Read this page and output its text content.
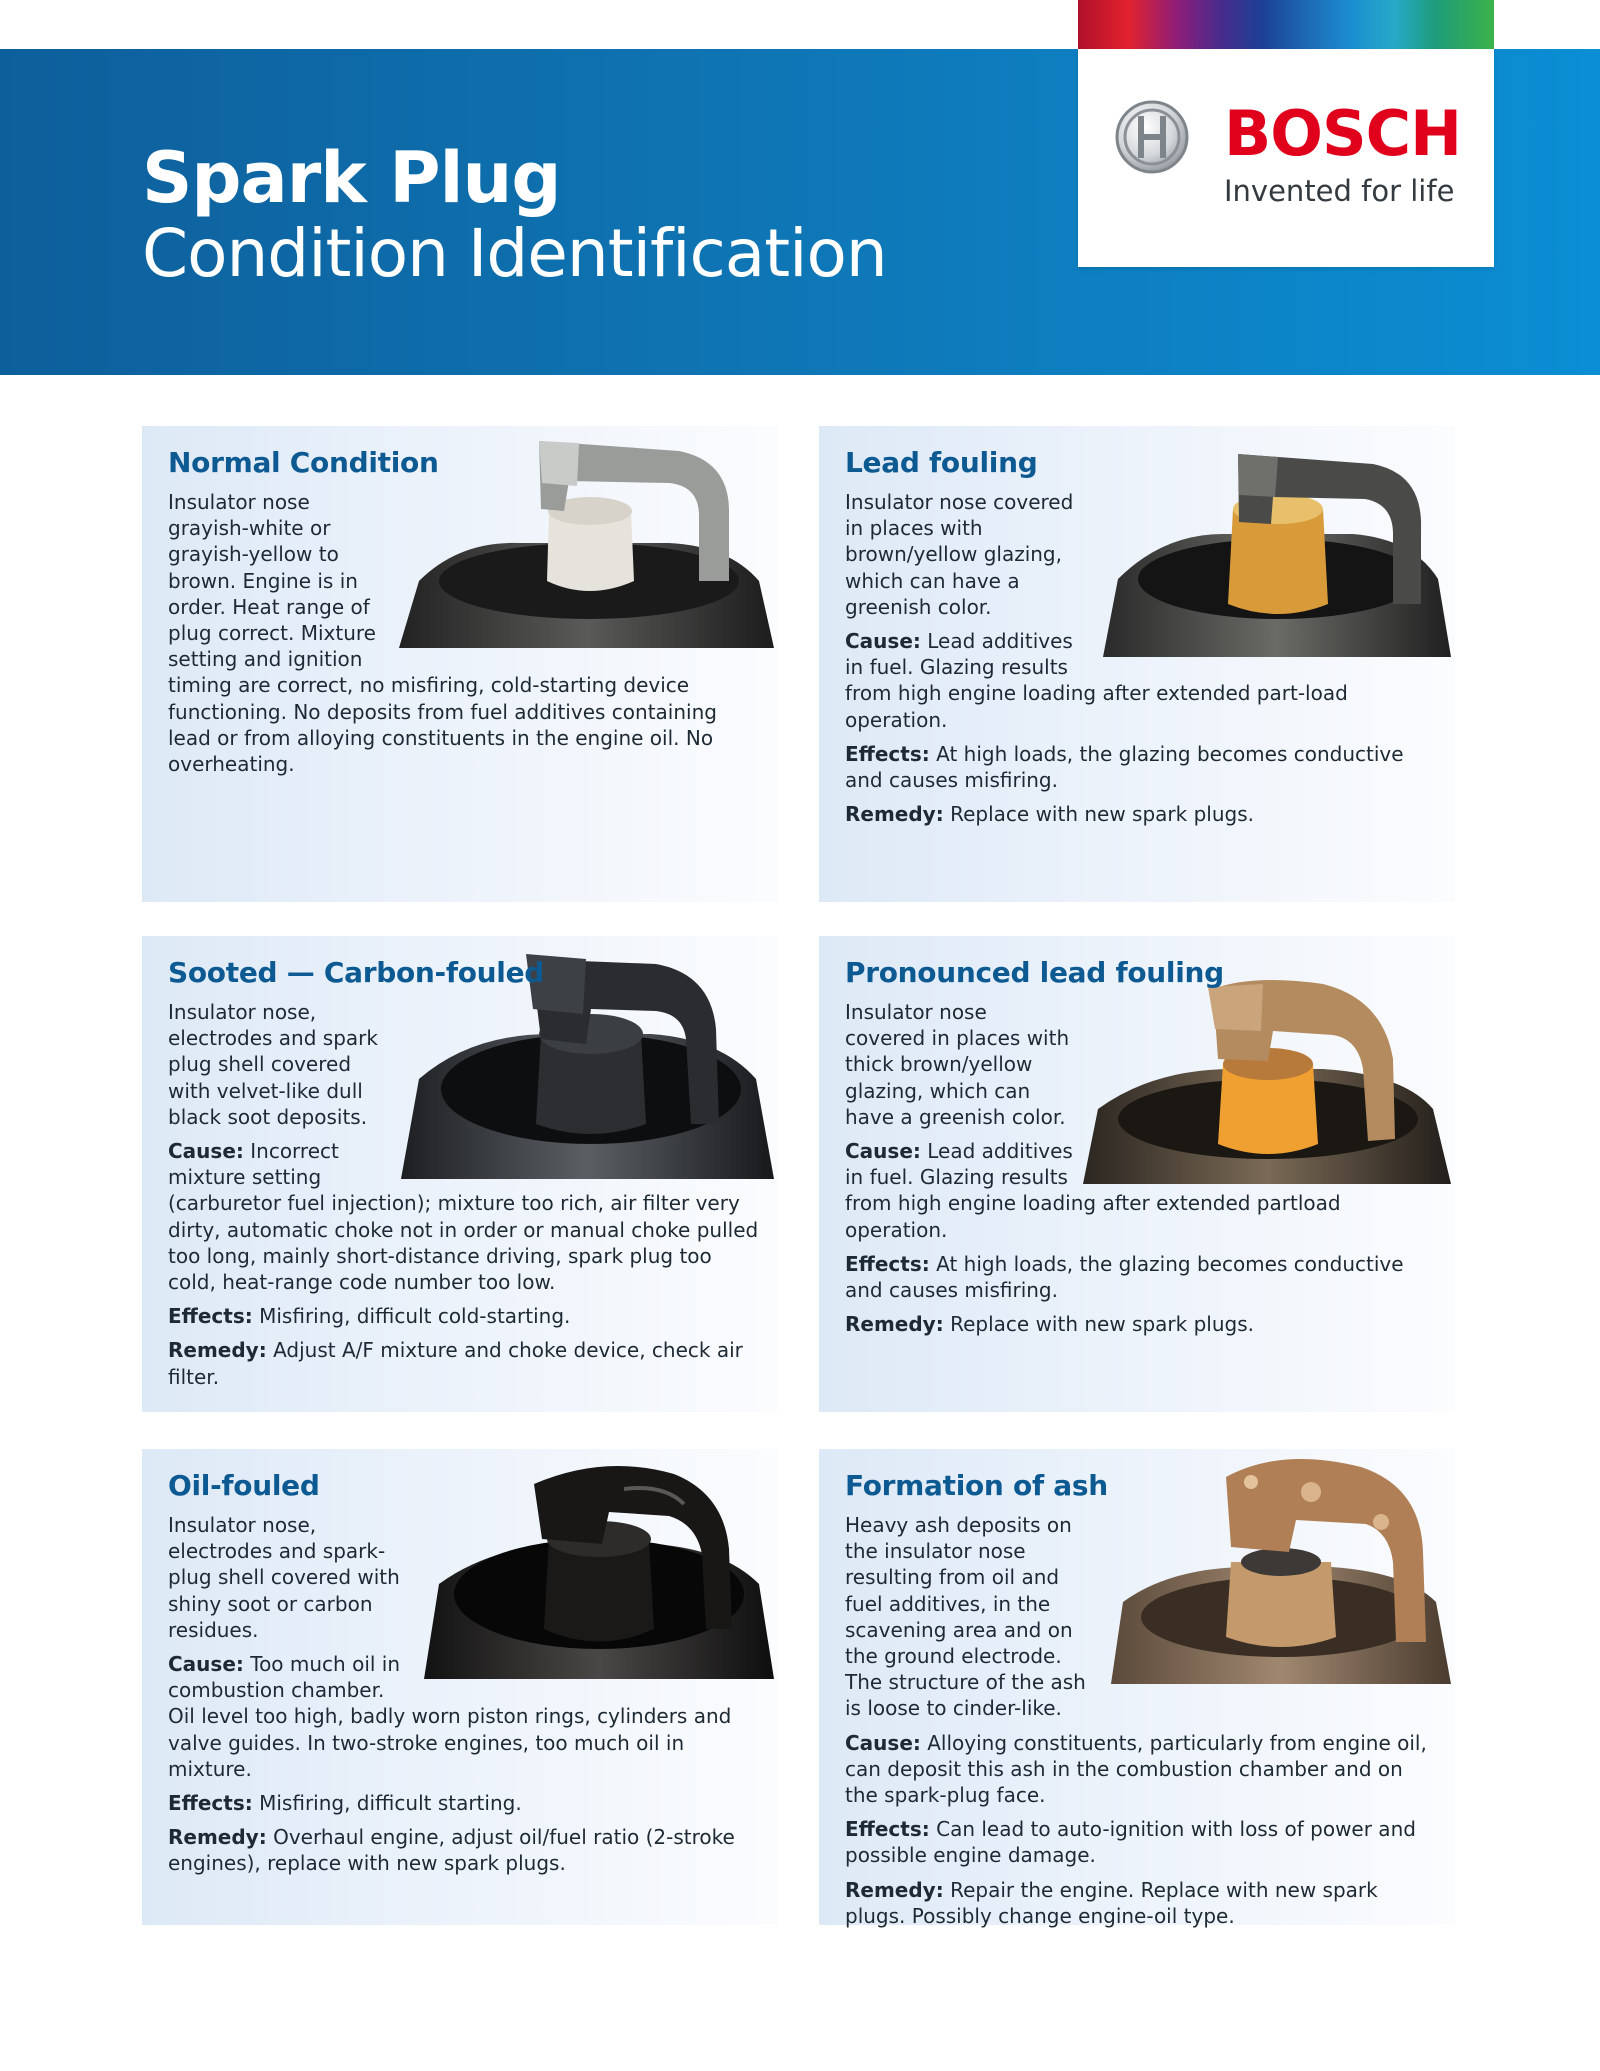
Spark Plug
Condition Identification
BOSCH
Invented for life
Normal Condition

Insulator nose grayish-white or grayish-yellow to brown. Engine is in order. Heat range of plug correct. Mixture setting and ignition timing are correct, no misfiring, cold-starting device functioning. No deposits from fuel additives containing lead or from alloying constituents in the engine oil. No overheating.

Lead fouling

Insulator nose covered in places with brown/yellow glazing, which can have a greenish color.

Cause: Lead additives in fuel. Glazing results from high engine loading after extended part-load operation.

Effects: At high loads, the glazing becomes conductive and causes misfiring.

Remedy: Replace with new spark plugs.

Sooted — Carbon-fouled

Insulator nose, electrodes and spark plug shell covered with velvet-like dull black soot deposits.

Cause: Incorrect mixture setting (carburetor fuel injection); mixture too rich, air filter very dirty, automatic choke not in order or manual choke pulled too long, mainly short-distance driving, spark plug too cold, heat-range code number too low.

Effects: Misfiring, difficult cold-starting.

Remedy: Adjust A/F mixture and choke device, check air filter.

Pronounced lead fouling

Insulator nose covered in places with thick brown/yellow glazing, which can have a greenish color.

Cause: Lead additives in fuel. Glazing results from high engine loading after extended partload operation.

Effects: At high loads, the glazing becomes conductive and causes misfiring.

Remedy: Replace with new spark plugs.

Oil-fouled

Insulator nose, electrodes and spark-plug shell covered with shiny soot or carbon residues.

Cause: Too much oil in combustion chamber. Oil level too high, badly worn piston rings, cylinders and valve guides. In two-stroke engines, too much oil in mixture.

Effects: Misfiring, difficult starting.

Remedy: Overhaul engine, adjust oil/fuel ratio (2-stroke engines), replace with new spark plugs.

Formation of ash

Heavy ash deposits on the insulator nose resulting from oil and fuel additives, in the scavening area and on the ground electrode. The structure of the ash is loose to cinder-like.

Cause: Alloying constituents, particularly from engine oil, can deposit this ash in the combustion chamber and on the spark-plug face.

Effects: Can lead to auto-ignition with loss of power and possible engine damage.

Remedy: Repair the engine. Replace with new spark plugs. Possibly change engine-oil type.
